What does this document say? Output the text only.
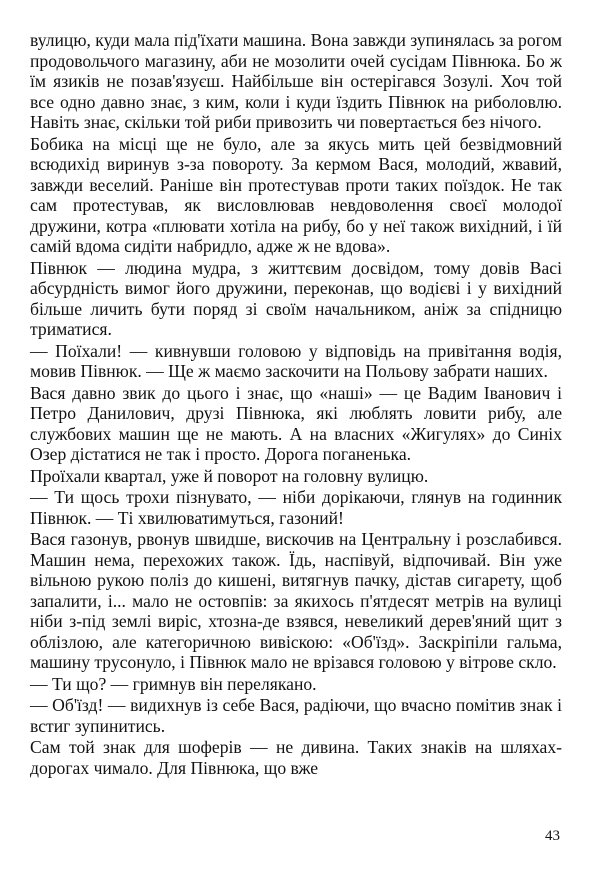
вулицю, куди мала під'їхати машина. Вона завжди зупинялась за рогом продовольчого магазину, аби не мозолити очей сусідам Півнюка. Бо ж їм язиків не позав'язуєш. Найбільше він остерігався Зозулі. Хоч той все одно давно знає, з ким, коли і куди їздить Півнюк на риболовлю. Навіть знає, скільки той риби привозить чи повертається без нічого.

Бобика на місці ще не було, але за якусь мить цей безвідмовний всюдихід виринув з-за повороту. За кермом Вася, молодий, жвавий, завжди веселий. Раніше він протестував проти таких поїздок. Не так сам протестував, як висловлював невдоволення своєї молодої дружини, котра «плювати хотіла на рибу, бо у неї також вихідний, і їй самій вдома сидіти набридло, адже ж не вдова».

Півнюк — людина мудра, з життєвим досвідом, тому довів Васі абсурдність вимог його дружини, переконав, що водієві і у вихідний більше личить бути поряд зі своїм начальником, аніж за спідницю триматися.

— Поїхали! — кивнувши головою у відповідь на привітання водія, мовив Півнюк. — Ще ж маємо заскочити на Польову забрати наших.

Вася давно звик до цього і знає, що «наші» — це Вадим Іванович і Петро Данилович, друзі Півнюка, які люблять ловити рибу, але службових машин ще не мають. А на власних «Жигулях» до Синіх Озер дістатися не так і просто. Дорога поганенька.

Проїхали квартал, уже й поворот на головну вулицю.

— Ти щось трохи пізнувато, — ніби дорікаючи, глянув на годинник Півнюк. — Ті хвилюватимуться, газоний!

Вася газонув, рвонув швидше, вискочив на Центральну і розслабився. Машин нема, перехожих також. Їдь, наспівуй, відпочивай. Він уже вільною рукою поліз до кишені, витягнув пачку, дістав сигарету, щоб запалити, і... мало не остовпів: за якихось п'ятдесят метрів на вулиці ніби з-під землі виріс, хтозна-де взявся, невеликий дерев'яний щит з облізлою, але категоричною вивіскою: «Об'їзд». Заскріпіли гальма, машину трусонуло, і Півнюк мало не врізався головою у вітрове скло.

— Ти що? — гримнув він перелякано.

— Об'їзд! — видихнув із себе Вася, радіючи, що вчасно помітив знак і встиг зупинитись.

Сам той знак для шоферів — не дивина. Таких знаків на шляхах-дорогах чимало. Для Півнюка, що вже

43
